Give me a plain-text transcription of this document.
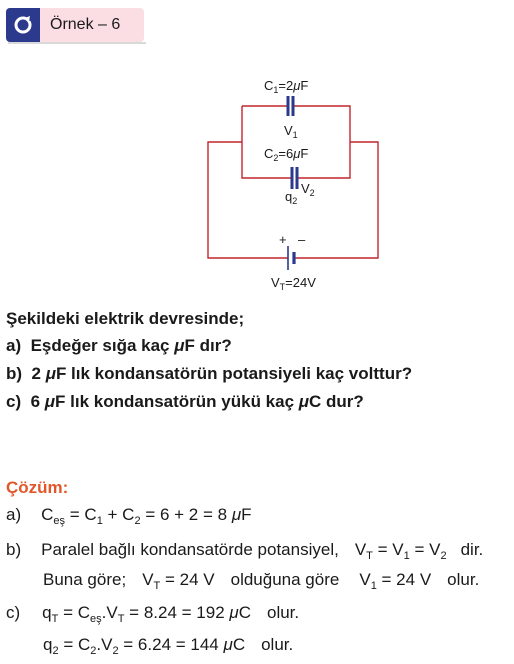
Örnek – 6
$C_1=2\mu F$
$V_1$
$C_2=6\mu F$
$V_2$
$q_2$
+ –
$V_T=24V$
Şekildeki elektrik devresinde;
a) Eşdeğer sığa kaç μF dır?
b) 2 μF lık kondansatörün potansiyeli kaç volttur?
c) 6 μF lık kondansatörün yükü kaç μC dur?
Çözüm:
a) $C_{eş} = C_1 + C_2 = 6 + 2 = 8$ μF
b) Paralel bağlı kondansatörde potansiyel, $V_T = V_1 = V_2$ dir.
Buna göre; $V_T = 24$ V olduğuna göre $V_1 = 24$ V olur.
c) $q_T = C_{eş}.V_T = 8.24 = 192$ μC olur.
$q_2 = C_2.V_2 = 6.24 = 144$ μC olur.
